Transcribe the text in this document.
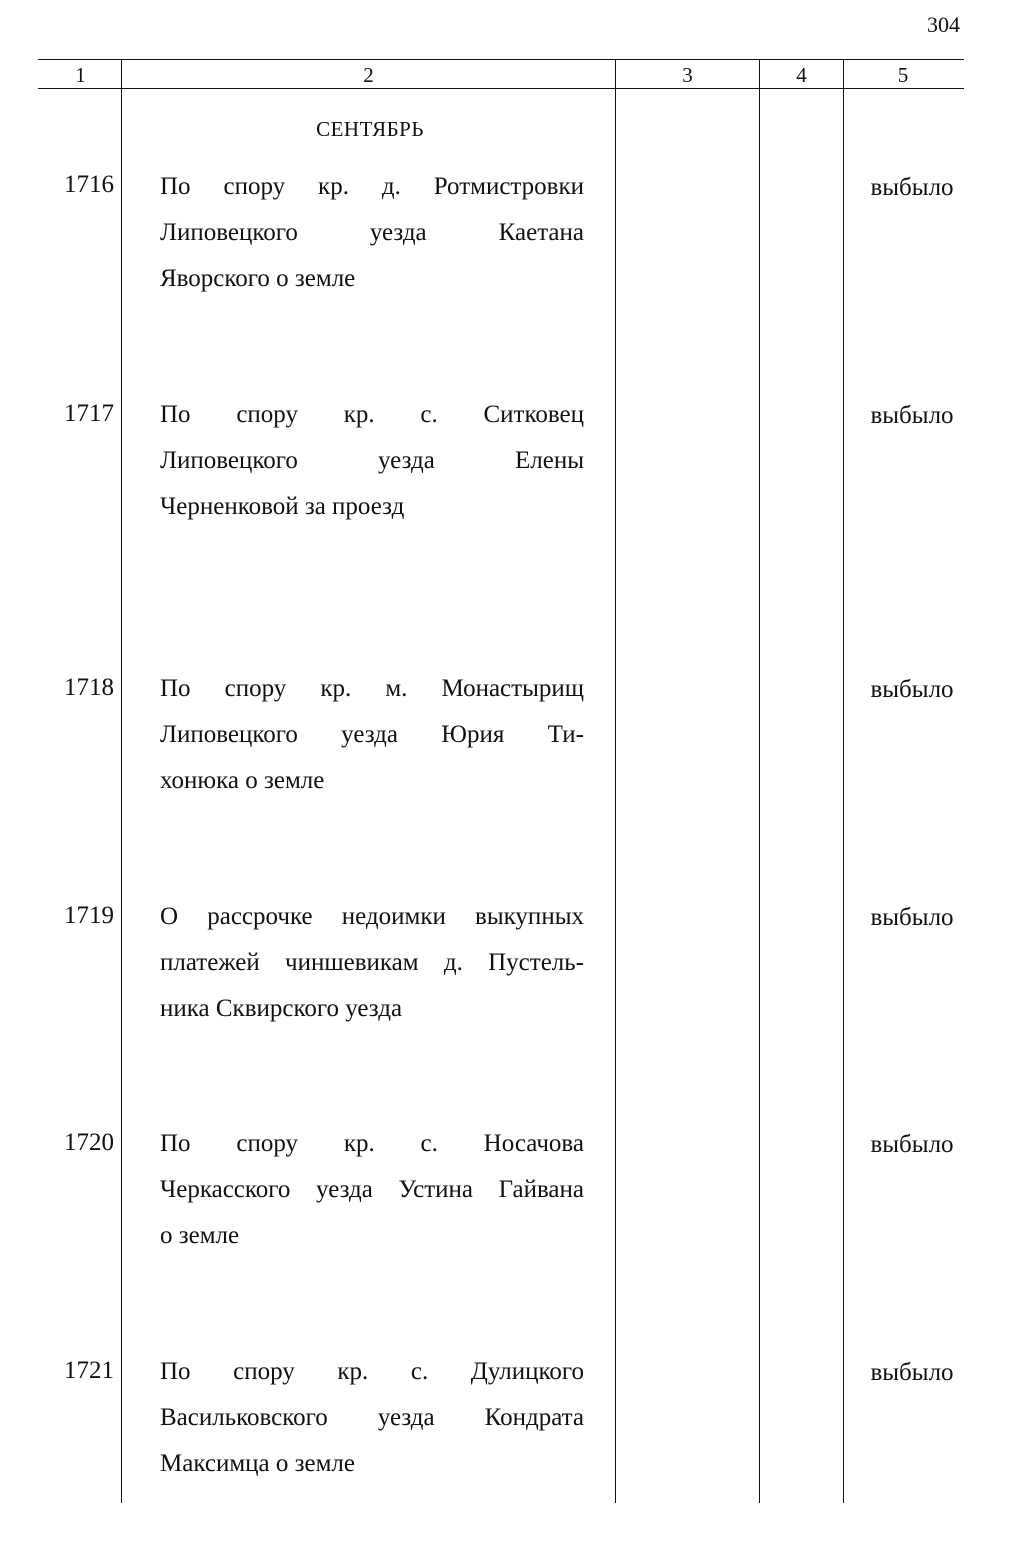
304
1	2	3	4	5
СЕНТЯБРЬ
1716 По спору кр. д. Ротмистровки
Липовецкого уезда Каетана
Яворского о земле
выбыло
1717 По спору кр. с. Ситковец
Липовецкого уезда Елены
Черненковой за проезд
выбыло
1718 По спору кр. м. Монастырищ
Липовецкого уезда Юрия Ти-
хонюка о земле
выбыло
1719 О рассрочке недоимки выкупных
платежей чиншевикам д. Пустель-
ника Сквирского уезда
выбыло
1720 По спору кр. с. Носачова
Черкасского уезда Устина Гайвана
о земле
выбыло
1721 По спору кр. с. Дулицкого
Васильковского уезда Кондрата
Максимца о земле
выбыло
